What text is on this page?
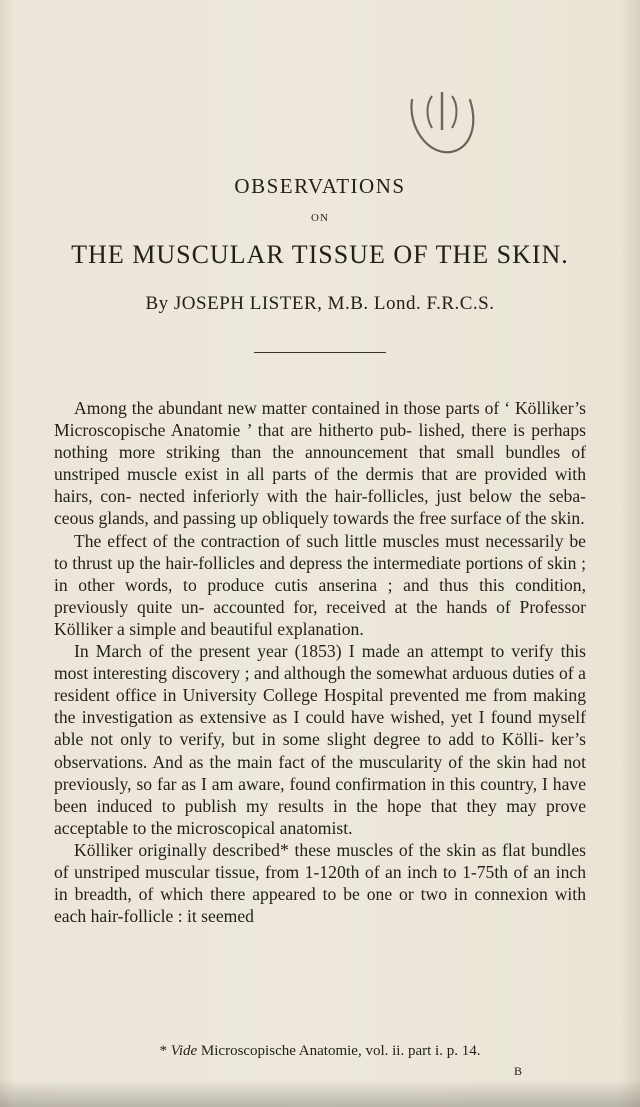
OBSERVATIONS
ON
THE MUSCULAR TISSUE OF THE SKIN.
By JOSEPH LISTER, M.B. Lond. F.R.C.S.

Among the abundant new matter contained in those parts of ‘ Kölliker’s Microscopische Anatomie ’ that are hitherto pub- lished, there is perhaps nothing more striking than the announcement that small bundles of unstriped muscle exist in all parts of the dermis that are provided with hairs, con- nected inferiorly with the hair-follicles, just below the seba- ceous glands, and passing up obliquely towards the free surface of the skin.

The effect of the contraction of such little muscles must necessarily be to thrust up the hair-follicles and depress the intermediate portions of skin ; in other words, to produce cutis anserina ; and thus this condition, previously quite un- accounted for, received at the hands of Professor Kölliker a simple and beautiful explanation.

In March of the present year (1853) I made an attempt to verify this most interesting discovery ; and although the somewhat arduous duties of a resident office in University College Hospital prevented me from making the investigation as extensive as I could have wished, yet I found myself able not only to verify, but in some slight degree to add to Kölli- ker’s observations. And as the main fact of the muscularity of the skin had not previously, so far as I am aware, found confirmation in this country, I have been induced to publish my results in the hope that they may prove acceptable to the microscopical anatomist.

Kölliker originally described* these muscles of the skin as flat bundles of unstriped muscular tissue, from 1-120th of an inch to 1-75th of an inch in breadth, of which there appeared to be one or two in connexion with each hair-follicle : it seemed

* Vide Microscopische Anatomie, vol. ii. part i. p. 14.
B
